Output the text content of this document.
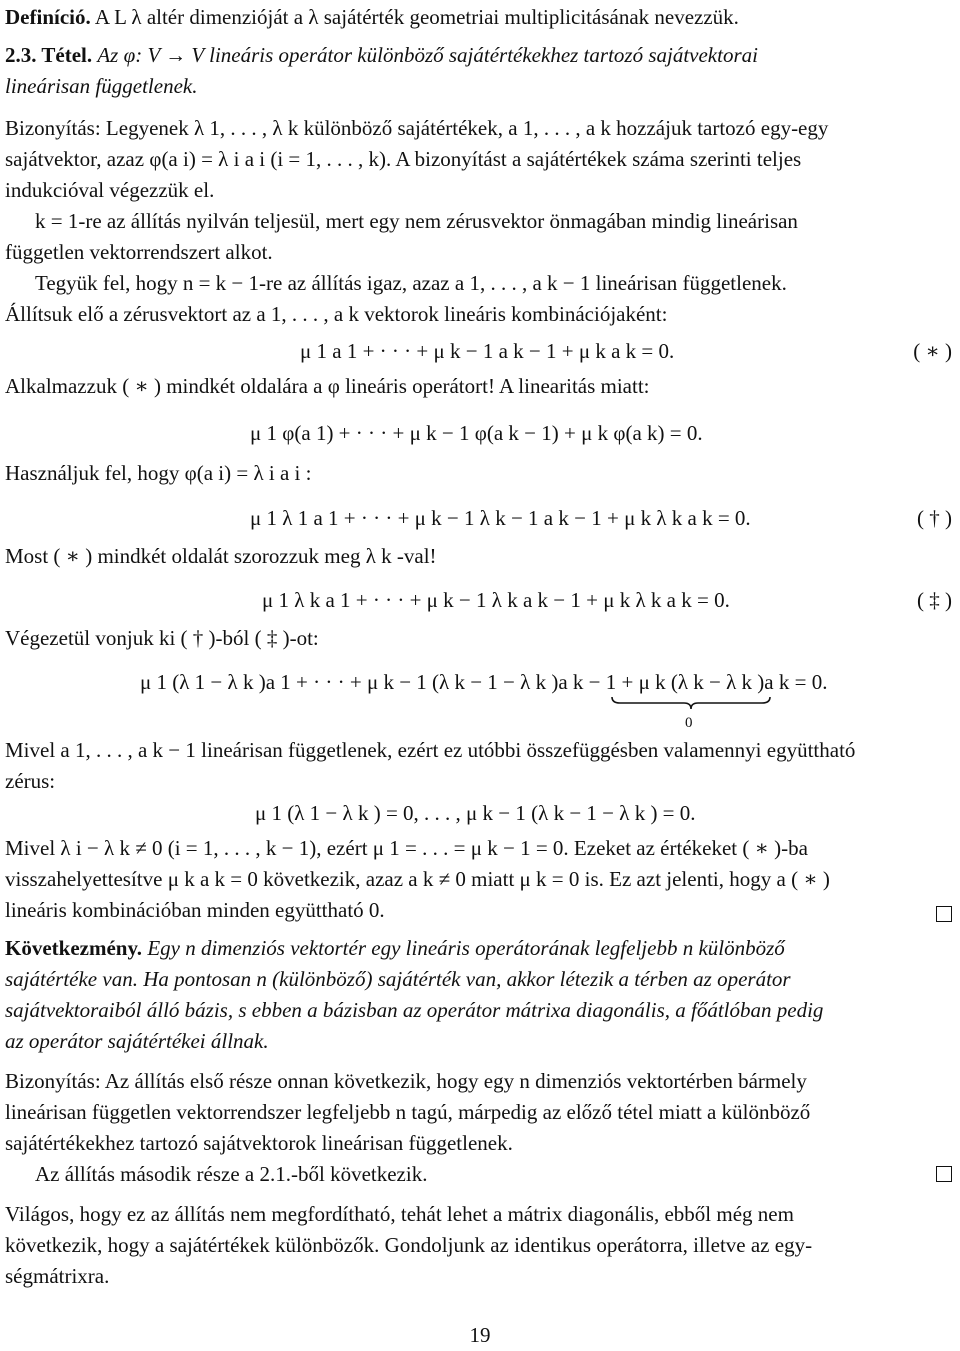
Definíció. A L λ altér dimenzióját a λ sajátérték geometriai multiplicitásának nevezzük.
2.3. Tétel. Az φ: V → V lineáris operátor különböző sajátértékekhez tartozó sajátvektorai
lineárisan függetlenek.
Bizonyítás: Legyenek λ 1, . . . , λ k különböző sajátértékek, a 1, . . . , a k hozzájuk tartozó egy-egy
sajátvektor, azaz φ(a i) = λ i a i (i = 1, . . . , k). A bizonyítást a sajátértékek száma szerinti teljes
indukcióval végezzük el.
k = 1-re az állítás nyilván teljesül, mert egy nem zérusvektor önmagában mindig lineárisan
független vektorrendszert alkot.
Tegyük fel, hogy n = k − 1-re az állítás igaz, azaz a 1, . . . , a k − 1 lineárisan függetlenek.
Állítsuk elő a zérusvektort az a 1, . . . , a k vektorok lineáris kombinációjaként:
μ 1 a 1 + · · · + μ k − 1 a k − 1 + μ k a k = 0.	( ∗ )
Alkalmazzuk ( ∗ ) mindkét oldalára a φ lineáris operátort! A linearitás miatt:
μ 1 φ(a 1) + · · · + μ k − 1 φ(a k − 1) + μ k φ(a k) = 0.
Használjuk fel, hogy φ(a i) = λ i a i :
μ 1 λ 1 a 1 + · · · + μ k − 1 λ k − 1 a k − 1 + μ k λ k a k = 0.	( † )
Most ( ∗ ) mindkét oldalát szorozzuk meg λ k -val!
μ 1 λ k a 1 + · · · + μ k − 1 λ k a k − 1 + μ k λ k a k = 0.	( ‡ )
Végezetül vonjuk ki ( † )-ból ( ‡ )-ot:
μ 1 (λ 1 − λ k )a 1 + · · · + μ k − 1 (λ k − 1 − λ k )a k − 1 + μ k (λ k − λ k )a k = 0.
0
Mivel a 1, . . . , a k − 1 lineárisan függetlenek, ezért ez utóbbi összefüggésben valamennyi együttható
zérus:
μ 1 (λ 1 − λ k ) = 0, . . . , μ k − 1 (λ k − 1 − λ k ) = 0.
Mivel λ i − λ k ≠ 0 (i = 1, . . . , k − 1), ezért μ 1 = . . . = μ k − 1 = 0. Ezeket az értékeket ( ∗ )-ba
visszahelyettesítve μ k a k = 0 következik, azaz a k ≠ 0 miatt μ k = 0 is. Ez azt jelenti, hogy a ( ∗ )
lineáris kombinációban minden együttható 0.
Következmény. Egy n dimenziós vektortér egy lineáris operátorának legfeljebb n különböző
sajátértéke van. Ha pontosan n (különböző) sajátérték van, akkor létezik a térben az operátor
sajátvektoraiból álló bázis, s ebben a bázisban az operátor mátrixa diagonális, a főátlóban pedig
az operátor sajátértékei állnak.
Bizonyítás: Az állítás első része onnan következik, hogy egy n dimenziós vektortérben bármely
lineárisan független vektorrendszer legfeljebb n tagú, márpedig az előző tétel miatt a különböző
sajátértékekhez tartozó sajátvektorok lineárisan függetlenek.
Az állítás második része a 2.1.-ből következik.
Világos, hogy ez az állítás nem megfordítható, tehát lehet a mátrix diagonális, ebből még nem
következik, hogy a sajátértékek különbözők. Gondoljunk az identikus operátorra, illetve az egy-
ségmátrixra.
19
